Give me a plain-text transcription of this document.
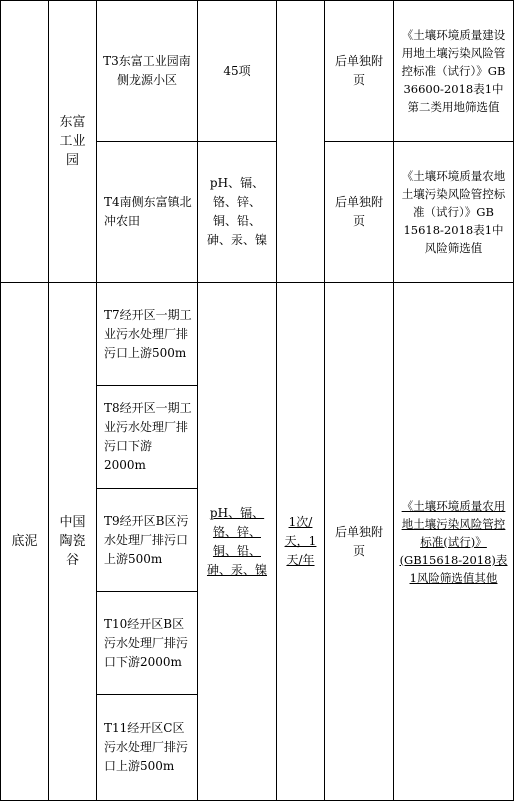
东富工业园
T3东富工业园南侧龙源小区
45项
后单独附页
《土壤环境质量建设用地土壤污染风险管控标准（试行）》GB 36600-2018表1中第二类用地筛选值
T4南侧东富镇北冲农田
pH、镉、铬、锌、铜、铅、砷、汞、镍
后单独附页
《土壤环境质量农地土壤污染风险管控标准（试行）》GB 15618-2018表1中风险筛选值
底泥
中国陶瓷谷
T7经开区一期工业污水处理厂排污口上游500m
T8经开区一期工业污水处理厂排污口下游2000m
T9经开区B区污水处理厂排污口上游500m
T10经开区B区污水处理厂排污口下游2000m
T11经开区C区污水处理厂排污口上游500m
pH、镉、铬、锌、铜、铅、砷、汞、镍
1次/天，1天/年
后单独附页
《土壤环境质量农用地土壤污染风险管控标准(试行)》(GB15618-2018)表1风险筛选值其他
